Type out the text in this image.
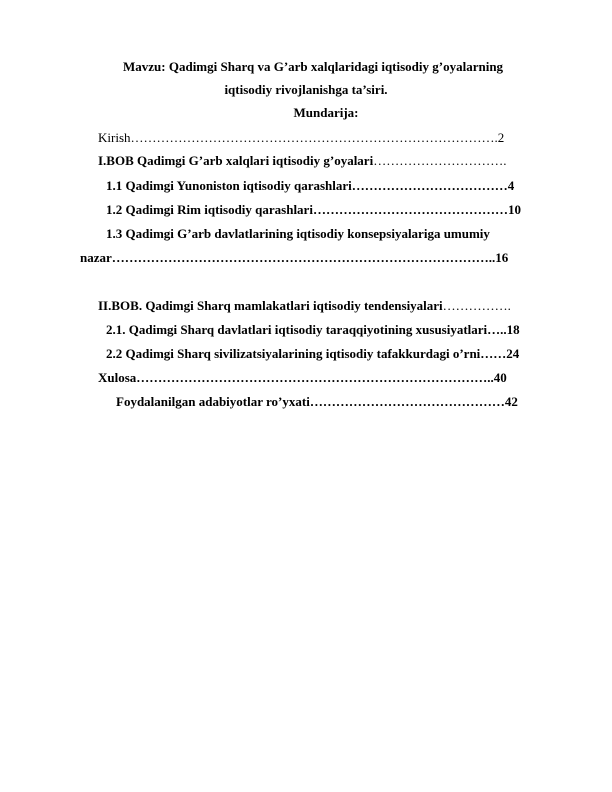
Mavzu: Qadimgi Sharq va G’arb xalqlaridagi iqtisodiy g’oyalarning
iqtisodiy rivojlanishga ta’siri.
Mundarija:
Kirish………………………………………………………………………….2
I.BOB Qadimgi G’arb xalqlari iqtisodiy g’oyalari………………………….
1.1 Qadimgi Yunoniston iqtisodiy qarashlari………………………………4
1.2 Qadimgi Rim iqtisodiy qarashlari………………………………………10
1.3 Qadimgi G’arb davlatlarining iqtisodiy konsepsiyalariga umumiy
nazar……………………………………………………………………………..16
II.BOB. Qadimgi Sharq mamlakatlari iqtisodiy tendensiyalari…………….
2.1. Qadimgi Sharq davlatlari iqtisodiy taraqqiyotining xususiyatlari…..18
2.2 Qadimgi Sharq sivilizatsiyalarining iqtisodiy tafakkurdagi o’rni……24
Xulosa………………………………………………………………………..40
Foydalanilgan adabiyotlar ro’yxati………………………………………42
